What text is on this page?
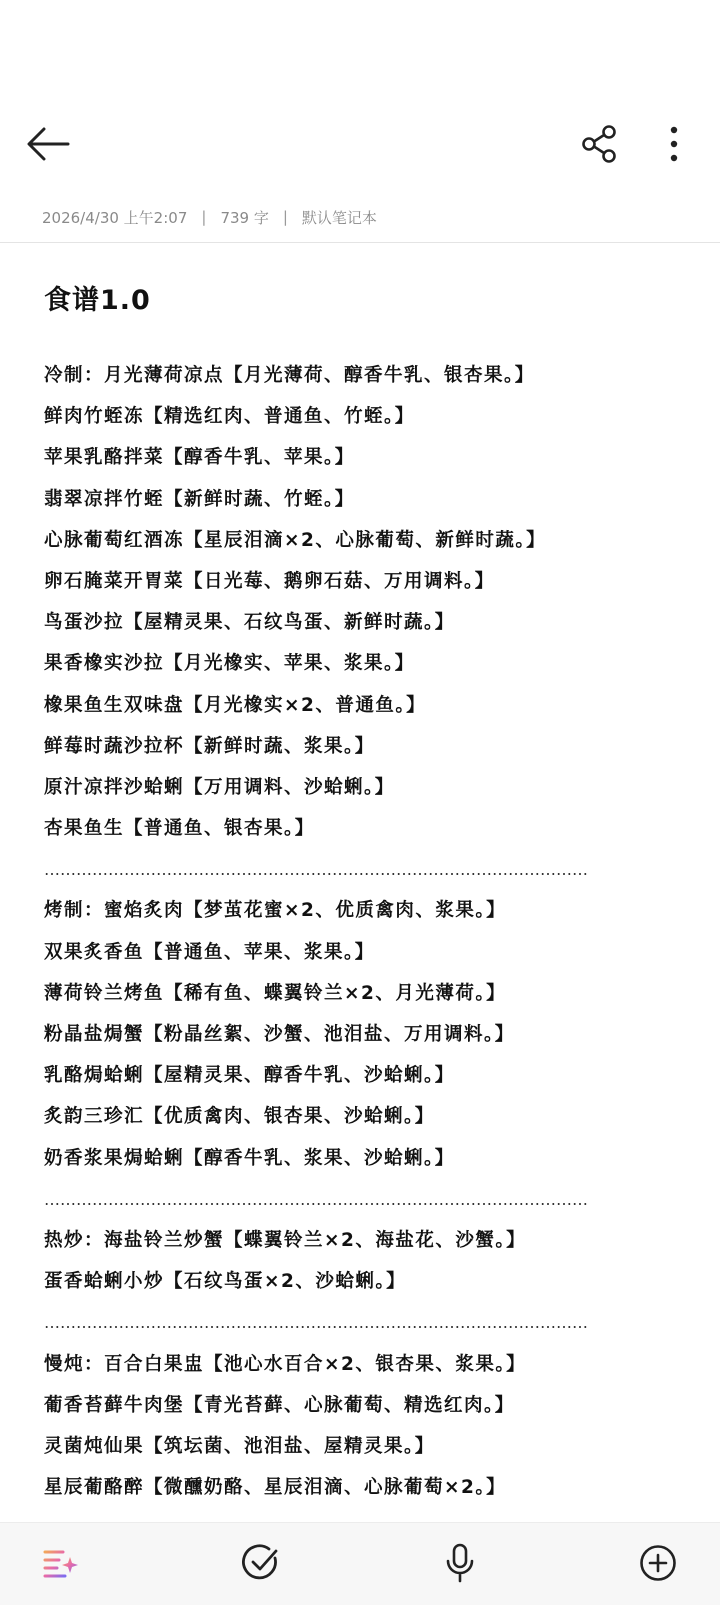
2026/4/30 上午2:07 | 739 字 | 默认笔记本
食谱1.0
冷制：月光薄荷凉点【月光薄荷、醇香牛乳、银杏果。】
鲜肉竹蛭冻【精选红肉、普通鱼、竹蛭。】
苹果乳酪拌菜【醇香牛乳、苹果。】
翡翠凉拌竹蛭【新鲜时蔬、竹蛭。】
心脉葡萄红酒冻【星辰泪滴×2、心脉葡萄、新鲜时蔬。】
卵石腌菜开胃菜【日光莓、鹅卵石菇、万用调料。】
鸟蛋沙拉【屋精灵果、石纹鸟蛋、新鲜时蔬。】
果香橡实沙拉【月光橡实、苹果、浆果。】
橡果鱼生双味盘【月光橡实×2、普通鱼。】
鲜莓时蔬沙拉杯【新鲜时蔬、浆果。】
原汁凉拌沙蛤蜊【万用调料、沙蛤蜊。】
杏果鱼生【普通鱼、银杏果。】
…………………………………………………………………………………………
烤制：蜜焰炙肉【梦茧花蜜×2、优质禽肉、浆果。】
双果炙香鱼【普通鱼、苹果、浆果。】
薄荷铃兰烤鱼【稀有鱼、蝶翼铃兰×2、月光薄荷。】
粉晶盐焗蟹【粉晶丝絮、沙蟹、池泪盐、万用调料。】
乳酪焗蛤蜊【屋精灵果、醇香牛乳、沙蛤蜊。】
炙韵三珍汇【优质禽肉、银杏果、沙蛤蜊。】
奶香浆果焗蛤蜊【醇香牛乳、浆果、沙蛤蜊。】
…………………………………………………………………………………………
热炒：海盐铃兰炒蟹【蝶翼铃兰×2、海盐花、沙蟹。】
蛋香蛤蜊小炒【石纹鸟蛋×2、沙蛤蜊。】
…………………………………………………………………………………………
慢炖：百合白果盅【池心水百合×2、银杏果、浆果。】
葡香苔藓牛肉堡【青光苔藓、心脉葡萄、精选红肉。】
灵菌炖仙果【筑坛菌、池泪盐、屋精灵果。】
星辰葡酪醉【微醺奶酪、星辰泪滴、心脉葡萄×2。】
